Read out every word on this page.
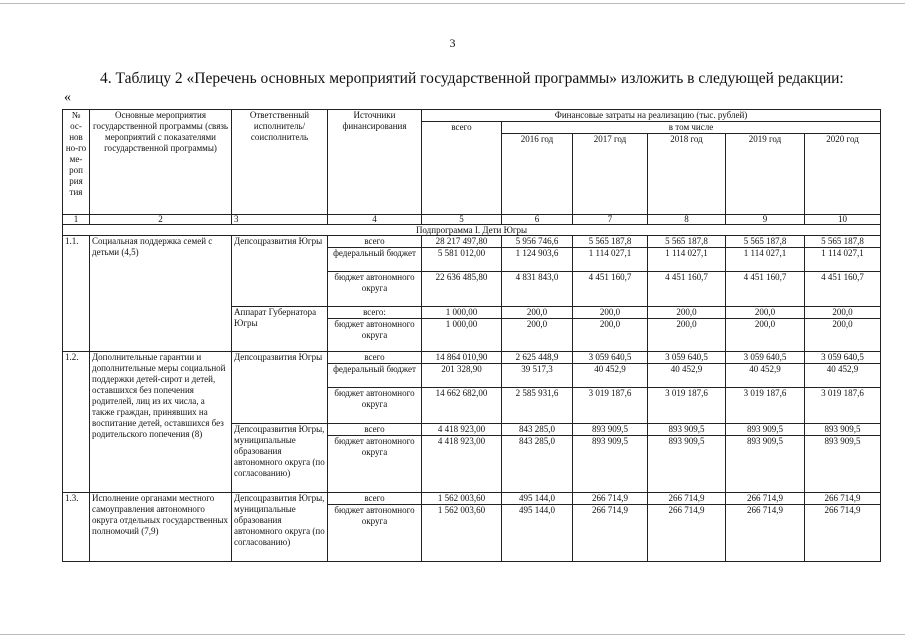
3
4. Таблицу 2 «Перечень основных мероприятий государственной программы» изложить в следующей редакции:
«
№ ос-нов но-го ме-роп рия тия	Основные мероприятия государственной программы (связь мероприятий с показателями государственной программы)	Ответственный исполнитель/ соисполнитель	Источники финансирования	Финансовые затраты на реализацию (тыс. рублей)					
				всего	в том числе				
					2016 год	2017 год	2018 год	2019 год	2020 год

1	2	3	4	5	6	7	8	9	10
Подпрограмма I. Дети Югры									
1.1.	Социальная поддержка семей с детьми (4,5)	Депсоцразвития Югры	всего	28 217 497,80	5 956 746,6	5 565 187,8	5 565 187,8	5 565 187,8	5 565 187,8
			федеральный бюджет	5 581 012,00	1 124 903,6	1 114 027,1	1 114 027,1	1 114 027,1	1 114 027,1
			бюджет автономного округа	22 636 485,80	4 831 843,0	4 451 160,7	4 451 160,7	4 451 160,7	4 451 160,7
		Аппарат Губернатора Югры	всего:	1 000,00	200,0	200,0	200,0	200,0	200,0
			бюджет автономного округа	1 000,00	200,0	200,0	200,0	200,0	200,0
1.2.	Дополнительные гарантии и дополнительные меры социальной поддержки детей-сирот и детей, оставшихся без попечения родителей, лиц из их числа, а также граждан, принявших на воспитание детей, оставшихся без родительского попечения (8)	Депсоцразвития Югры	всего	14 864 010,90	2 625 448,9	3 059 640,5	3 059 640,5	3 059 640,5	3 059 640,5
			федеральный бюджет	201 328,90	39 517,3	40 452,9	40 452,9	40 452,9	40 452,9
			бюджет автономного округа	14 662 682,00	2 585 931,6	3 019 187,6	3 019 187,6	3 019 187,6	3 019 187,6
		Депсоцразвития Югры, муниципальные образования автономного округа (по согласованию)	всего	4 418 923,00	843 285,0	893 909,5	893 909,5	893 909,5	893 909,5
			бюджет автономного округа	4 418 923,00	843 285,0	893 909,5	893 909,5	893 909,5	893 909,5
1.3.	Исполнение органами местного самоуправления автономного округа отдельных государственных полномочий (7,9)	Депсоцразвития Югры, муниципальные образования автономного округа (по согласованию)	всего	1 562 003,60	495 144,0	266 714,9	266 714,9	266 714,9	266 714,9
			бюджет автономного округа	1 562 003,60	495 144,0	266 714,9	266 714,9	266 714,9	266 714,9
